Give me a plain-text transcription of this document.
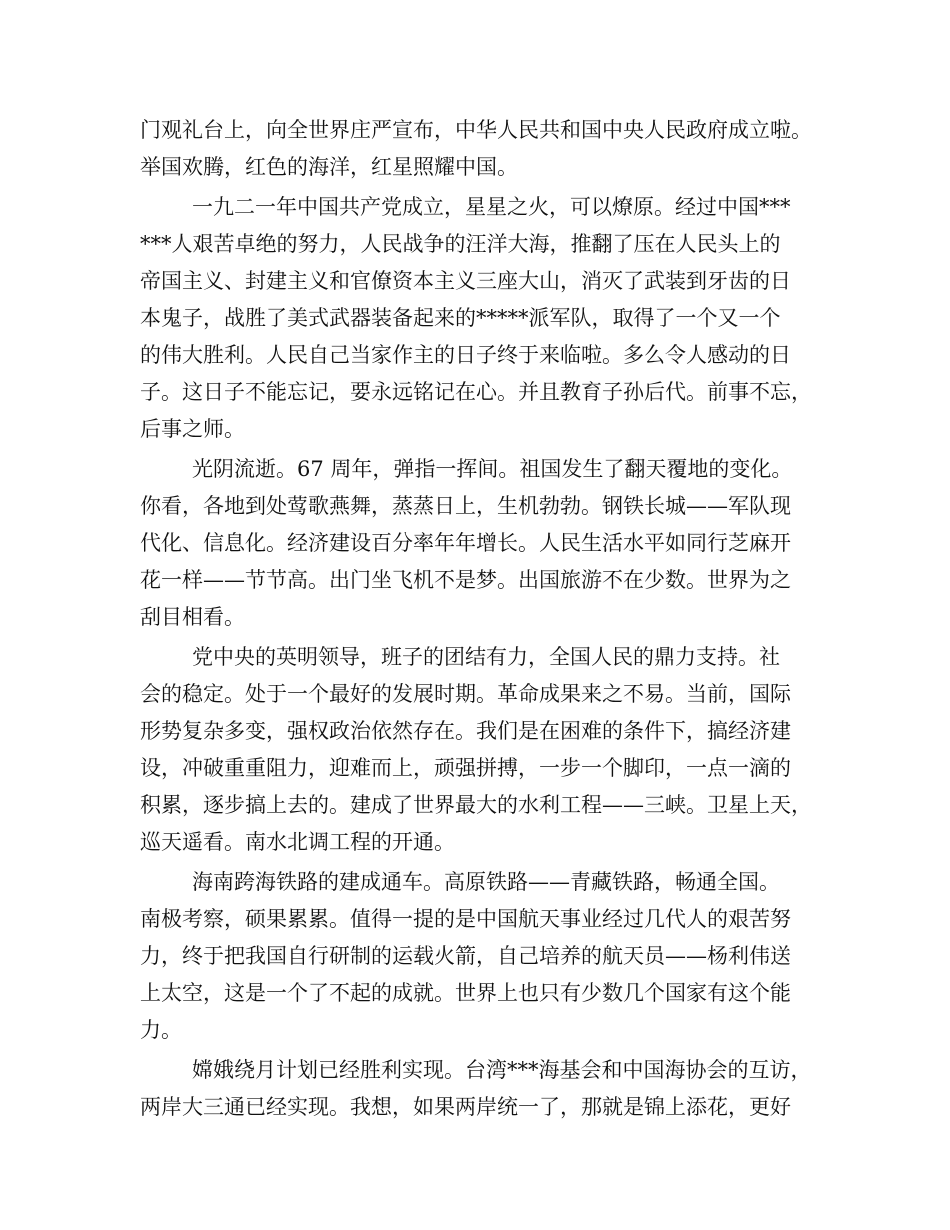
门观礼台上，向全世界庄严宣布，中华人民共和国中央人民政府成立啦。
举国欢腾，红色的海洋，红星照耀中国。
一九二一年中国共产党成立，星星之火，可以燎原。经过中国***
***人艰苦卓绝的努力，人民战争的汪洋大海，推翻了压在人民头上的
帝国主义、封建主义和官僚资本主义三座大山，消灭了武装到牙齿的日
本鬼子，战胜了美式武器装备起来的*****派军队，取得了一个又一个
的伟大胜利。人民自己当家作主的日子终于来临啦。多么令人感动的日
子。这日子不能忘记，要永远铭记在心。并且教育子孙后代。前事不忘，
后事之师。
光阴流逝。67 周年，弹指一挥间。祖国发生了翻天覆地的变化。
你看，各地到处莺歌燕舞，蒸蒸日上，生机勃勃。钢铁长城——军队现
代化、信息化。经济建设百分率年年增长。人民生活水平如同行芝麻开
花一样——节节高。出门坐飞机不是梦。出国旅游不在少数。世界为之
刮目相看。
党中央的英明领导，班子的团结有力，全国人民的鼎力支持。社
会的稳定。处于一个最好的发展时期。革命成果来之不易。当前，国际
形势复杂多变，强权政治依然存在。我们是在困难的条件下，搞经济建
设，冲破重重阻力，迎难而上，顽强拼搏，一步一个脚印，一点一滴的
积累，逐步搞上去的。建成了世界最大的水利工程——三峡。卫星上天，
巡天遥看。南水北调工程的开通。
海南跨海铁路的建成通车。高原铁路——青藏铁路，畅通全国。
南极考察，硕果累累。值得一提的是中国航天事业经过几代人的艰苦努
力，终于把我国自行研制的运载火箭，自己培养的航天员——杨利伟送
上太空，这是一个了不起的成就。世界上也只有少数几个国家有这个能
力。
嫦娥绕月计划已经胜利实现。台湾***海基会和中国海协会的互访，
两岸大三通已经实现。我想，如果两岸统一了，那就是锦上添花，更好
